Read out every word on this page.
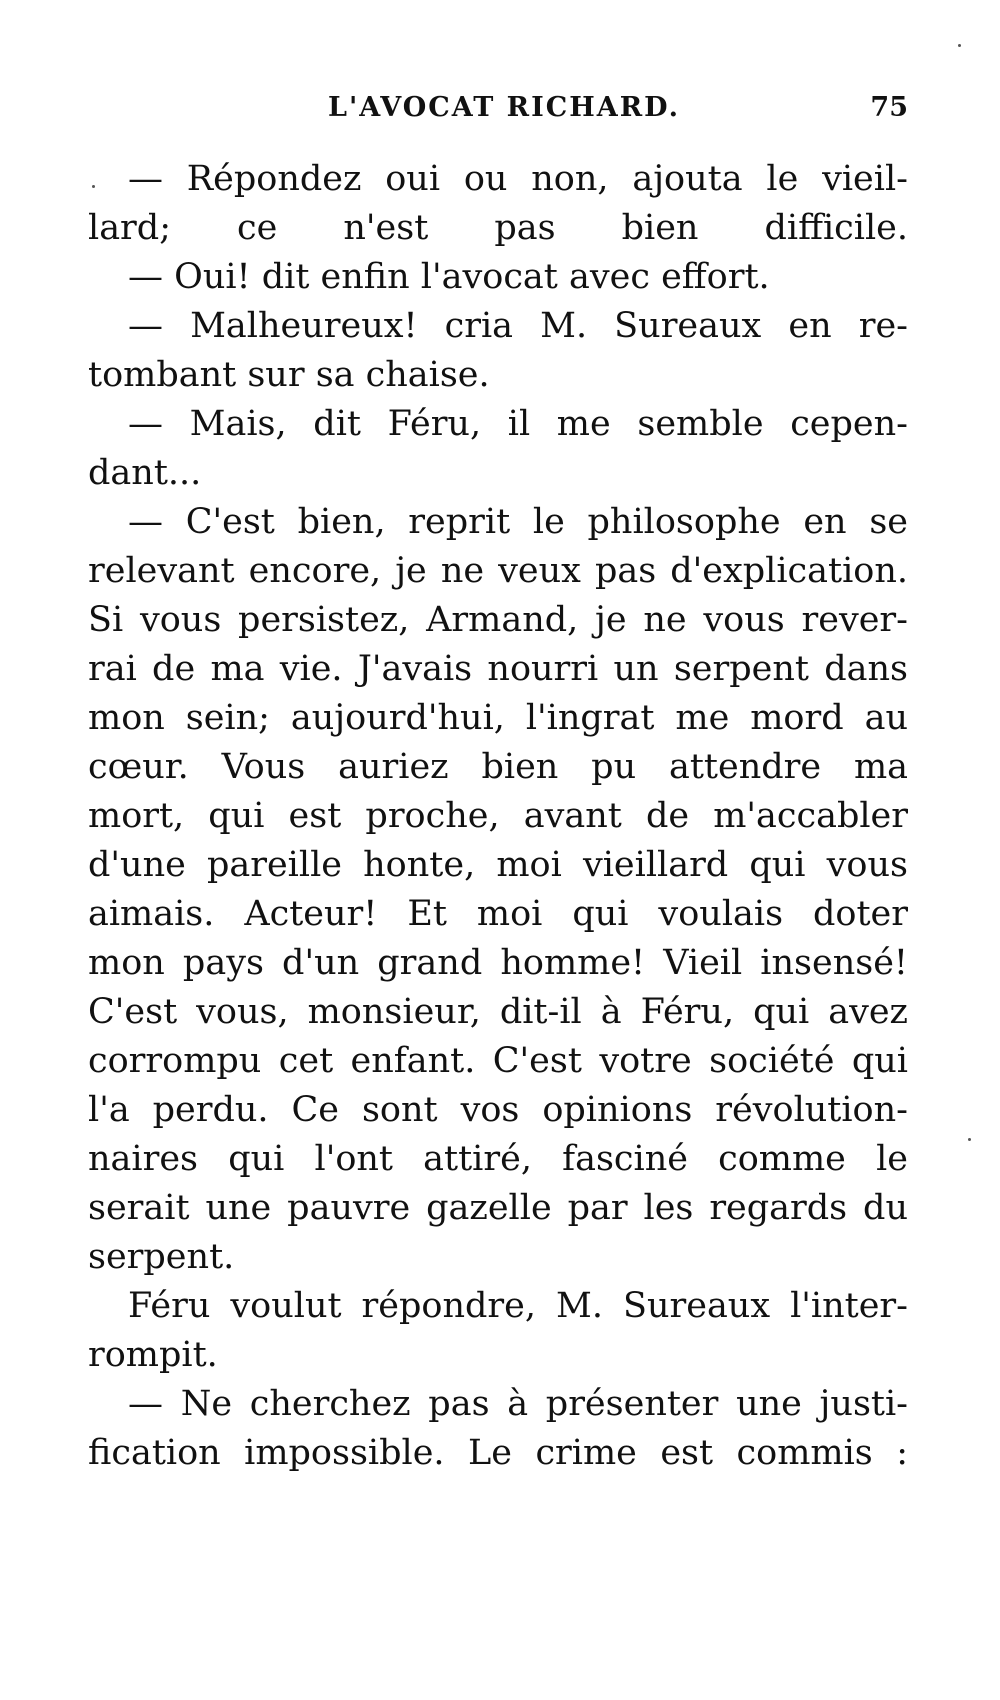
L'AVOCAT RICHARD.	75
— Répondez oui ou non, ajouta le vieil-
lard; ce n'est pas bien difficile.
— Oui! dit enfin l'avocat avec effort.
— Malheureux! cria M. Sureaux en re-
tombant sur sa chaise.
— Mais, dit Féru, il me semble cepen-
dant...
— C'est bien, reprit le philosophe en se
relevant encore, je ne veux pas d'explication.
Si vous persistez, Armand, je ne vous rever-
rai de ma vie. J'avais nourri un serpent dans
mon sein; aujourd'hui, l'ingrat me mord au
cœur. Vous auriez bien pu attendre ma
mort, qui est proche, avant de m'accabler
d'une pareille honte, moi vieillard qui vous
aimais. Acteur! Et moi qui voulais doter
mon pays d'un grand homme! Vieil insensé!
C'est vous, monsieur, dit-il à Féru, qui avez
corrompu cet enfant. C'est votre société qui
l'a perdu. Ce sont vos opinions révolution-
naires qui l'ont attiré, fasciné comme le
serait une pauvre gazelle par les regards du
serpent.
Féru voulut répondre, M. Sureaux l'inter-
rompit.
— Ne cherchez pas à présenter une justi-
fication impossible. Le crime est commis :
